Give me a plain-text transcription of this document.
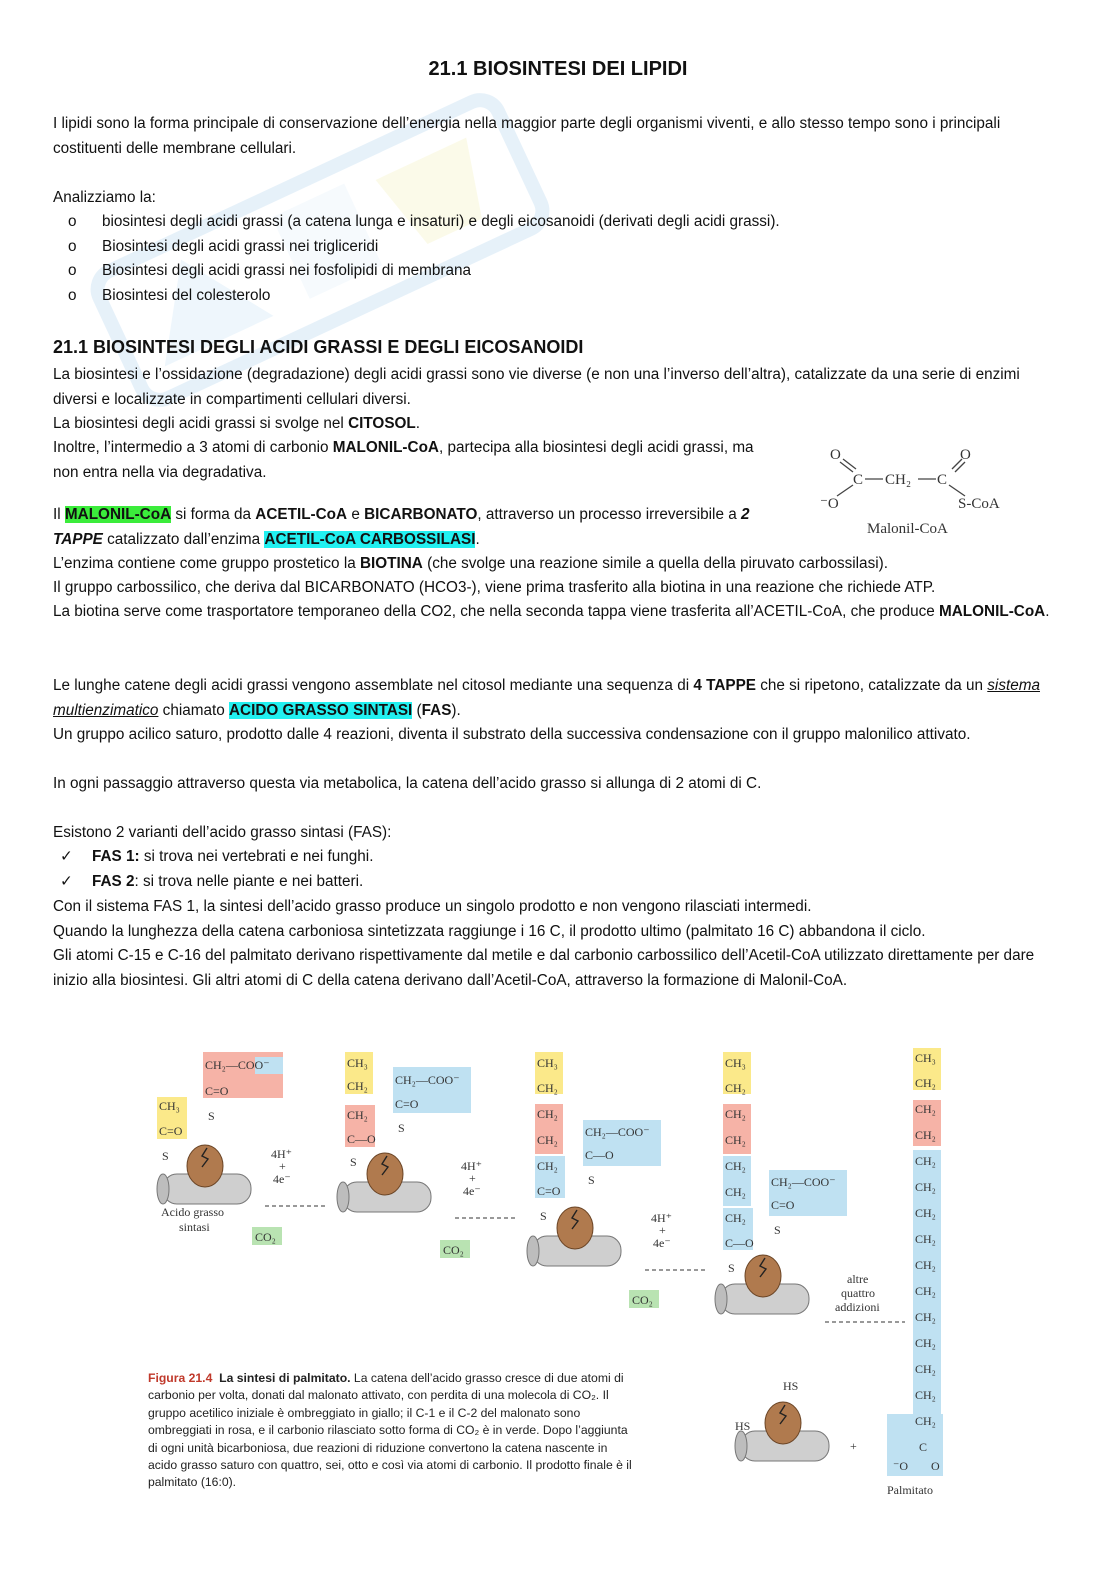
21.1 BIOSINTESI DEI LIPIDI

I lipidi sono la forma principale di conservazione dell’energia nella maggior parte degli organismi viventi, e allo stesso tempo sono i principali costituenti delle membrane cellulari.

Analizziamo la:

o biosintesi degli acidi grassi (a catena lunga e insaturi) e degli eicosanoidi (derivati degli acidi grassi).
o Biosintesi degli acidi grassi nei trigliceridi
o Biosintesi degli acidi grassi nei fosfolipidi di membrana
o Biosintesi del colesterolo
21.1 BIOSINTESI DEGLI ACIDI GRASSI E DEGLI EICOSANOIDI

La biosintesi e l’ossidazione (degradazione) degli acidi grassi sono vie diverse (e non una l’inverso dell’altra), catalizzate da una serie di enzimi diversi e localizzate in compartimenti cellulari diversi.

La biosintesi degli acidi grassi si svolge nel CITOSOL.

Inoltre, l’intermedio a 3 atomi di carbonio MALONIL-CoA, partecipa alla biosintesi degli acidi grassi, ma non entra nella via degradativa.

Il MALONIL-CoA si forma da ACETIL-CoA e BICARBONATO, attraverso un processo irreversibile a 2 TAPPE catalizzato dall’enzima ACETIL-CoA CARBOSSILASI.

L’enzima contiene come gruppo prostetico la BIOTINA (che svolge una reazione simile a quella della piruvato carbossilasi).

Il gruppo carbossilico, che deriva dal BICARBONATO (HCO3-), viene prima trasferito alla biotina in una reazione che richiede ATP.

La biotina serve come trasportatore temporaneo della CO2, che nella seconda tappa viene trasferita all’ACETIL-CoA, che produce MALONIL-CoA.

Le lunghe catene degli acidi grassi vengono assemblate nel citosol mediante una sequenza di 4 TAPPE che si ripetono, catalizzate da un sistema multienzimatico chiamato ACIDO GRASSO SINTASI (FAS).

Un gruppo acilico saturo, prodotto dalle 4 reazioni, diventa il substrato della successiva condensazione con il gruppo malonilico attivato.

In ogni passaggio attraverso questa via metabolica, la catena dell’acido grasso si allunga di 2 atomi di C.

Esistono 2 varianti dell’acido grasso sintasi (FAS):

✓ FAS 1: si trova nei vertebrati e nei funghi.
✓ FAS 2: si trova nelle piante e nei batteri.

Con il sistema FAS 1, la sintesi dell’acido grasso produce un singolo prodotto e non vengono rilasciati intermedi.

Quando la lunghezza della catena carboniosa sintetizzata raggiunge i 16 C, il prodotto ultimo (palmitato 16 C) abbandona il ciclo.

Gli atomi C-15 e C-16 del palmitato derivano rispettivamente dal metile e dal carbonio carbossilico dell’Acetil-CoA utilizzato direttamente per dare inizio alla biosintesi. Gli altri atomi di C della catena derivano dall’Acetil-CoA, attraverso la formazione di Malonil-CoA.

O	O
⁻O
C CH₂ C
S-CoA
Malonil-CoA
CH₃
C=O
S
CH₂—COO⁻
C=O
S
Acido grasso
sintasi
4H⁺
+
4e⁻
CO₂
CH₃
CH₂
CH₂
C—O
S
CH₂—COO⁻
C=O
S
4H⁺
+
4e⁻
CO₂
CH₃
CH₂
CH₂
CH₂
CH₂
C=O
S
CH₂—COO⁻
C—O
S
4H⁺
+
4e⁻
CO₂
CH₃
CH₂
CH₂
CH₂
CH₂
CH₂
CH₂
C—O
S
CH₂—COO⁻
C=O
S
altre
quattro
addizioni
CH₃
CH₂
CH₂
CH₂
CH₂
CH₂
CH₂
CH₂
CH₂
CH₂
CH₂
CH₂
CH₂
CH₂
CH₂
C
⁻O O
Palmitato
HS
HS
+
Figura 21.4 La sintesi di palmitato. La catena dell’acido grasso cresce di due atomi di carbonio per volta, donati dal malonato attivato, con perdita di una molecola di CO₂. Il gruppo acetilico iniziale è ombreggiato in giallo; il C-1 e il C-2 del malonato sono ombreggiati in rosa, e il carbonio rilasciato sotto forma di CO₂ è in verde. Dopo l’aggiunta di ogni unità bicarboniosa, due reazioni di riduzione convertono la catena nascente in acido grasso saturo con quattro, sei, otto e così via atomi di carbonio. Il prodotto finale è il palmitato (16:0).
